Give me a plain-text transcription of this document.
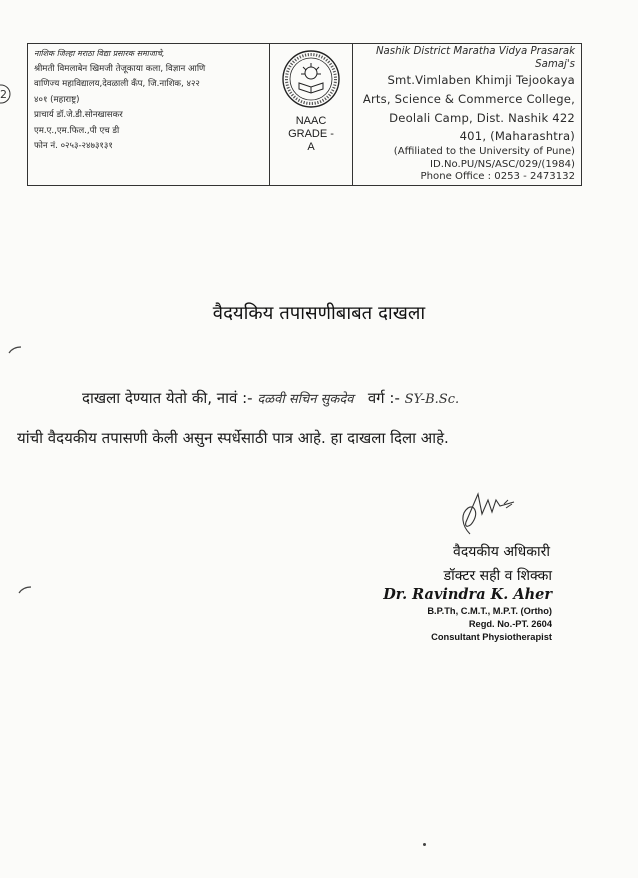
2
नाशिक जिल्हा मराठा विद्या प्रसारक समाजाचे,
श्रीमती विमलाबेन खिमजी तेजूकाया कला, विज्ञान आणि
वाणिज्य महाविद्यालय,देवळाली कँप, जि.नाशिक, ४२२
४०१ (महाराष्ट्र)
प्राचार्य डॉ.जे.डी.सोनखासकर
एम.ए.,एम.फिल.,पी एच डी
फोन नं. ०२५३-२४७३१३१
NAAC
GRADE -
A
Nashik District Maratha Vidya Prasarak
Samaj's
Smt.Vimlaben Khimji Tejookaya
Arts, Science & Commerce College,
Deolali Camp, Dist. Nashik 422
401, (Maharashtra)
(Affiliated to the University of Pune)
ID.No.PU/NS/ASC/029/(1984)
Phone Office : 0253 - 2473132
वैदयकिय तपासणीबाबत दाखला
दाखला देण्यात येतो की, नावं :- दळवी सचिन सुकदेव वर्ग :- SY-B.Sc.
यांची वैदयकीय तपासणी केली असुन स्पर्धेसाठी पात्र आहे. हा दाखला दिला आहे.
वैदयकीय अधिकारी
डॉक्टर सही व शिक्का
Dr. Ravindra K. Aher
B.P.Th, C.M.T., M.P.T. (Ortho)
Regd. No.-PT. 2604
Consultant Physiotherapist
